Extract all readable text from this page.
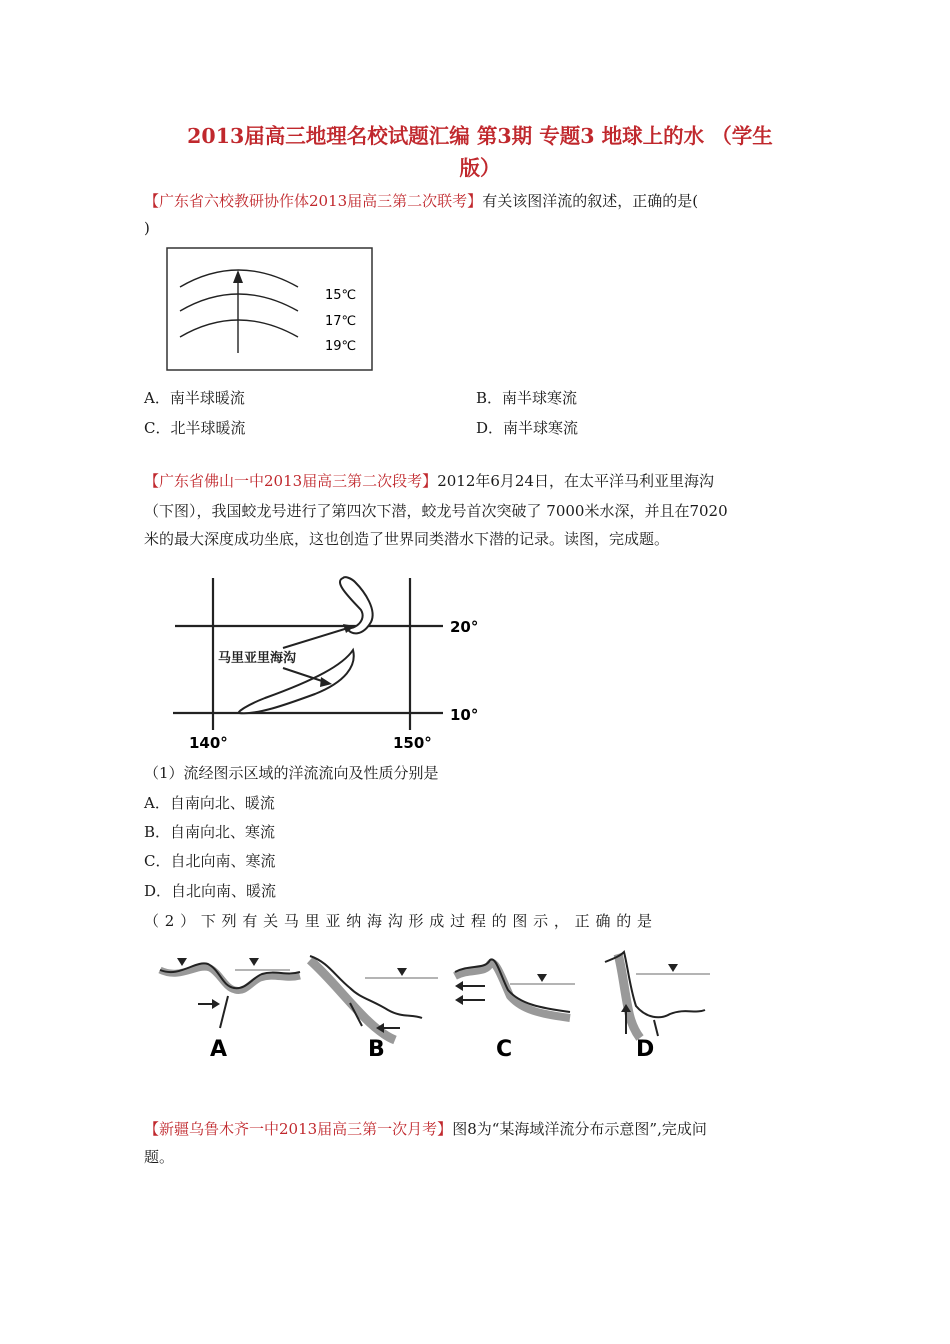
2013届高三地理名校试题汇编 第3期 专题3 地球上的水 （学生
版）
【广东省六校教研协作体2013届高三第二次联考】有关该图洋流的叙述，正确的是(
)
15℃
17℃
19℃
A．南半球暖流	B．南半球寒流
C．北半球暖流	D．南半球寒流
【广东省佛山一中2013届高三第二次段考】2012年6月24日，在太平洋马利亚里海沟
（下图），我国蛟龙号进行了第四次下潜，蛟龙号首次突破了 7000米水深，并且在7020
米的最大深度成功坐底，这也创造了世界同类潜水下潜的记录。读图，完成题。
马里亚里海沟
20°
10°
140°	150°
（1）流经图示区域的洋流流向及性质分别是
A．自南向北、暖流
B．自南向北、寒流
C．自北向南、寒流
D．自北向南、暖流
（ 2 ） 下 列 有 关 马 里 亚 纳 海 沟 形 成 过 程 的 图 示 ， 正 确 的 是
A	B	C	D
【新疆乌鲁木齐一中2013届高三第一次月考】图8为“某海域洋流分布示意图”,完成问
题。
